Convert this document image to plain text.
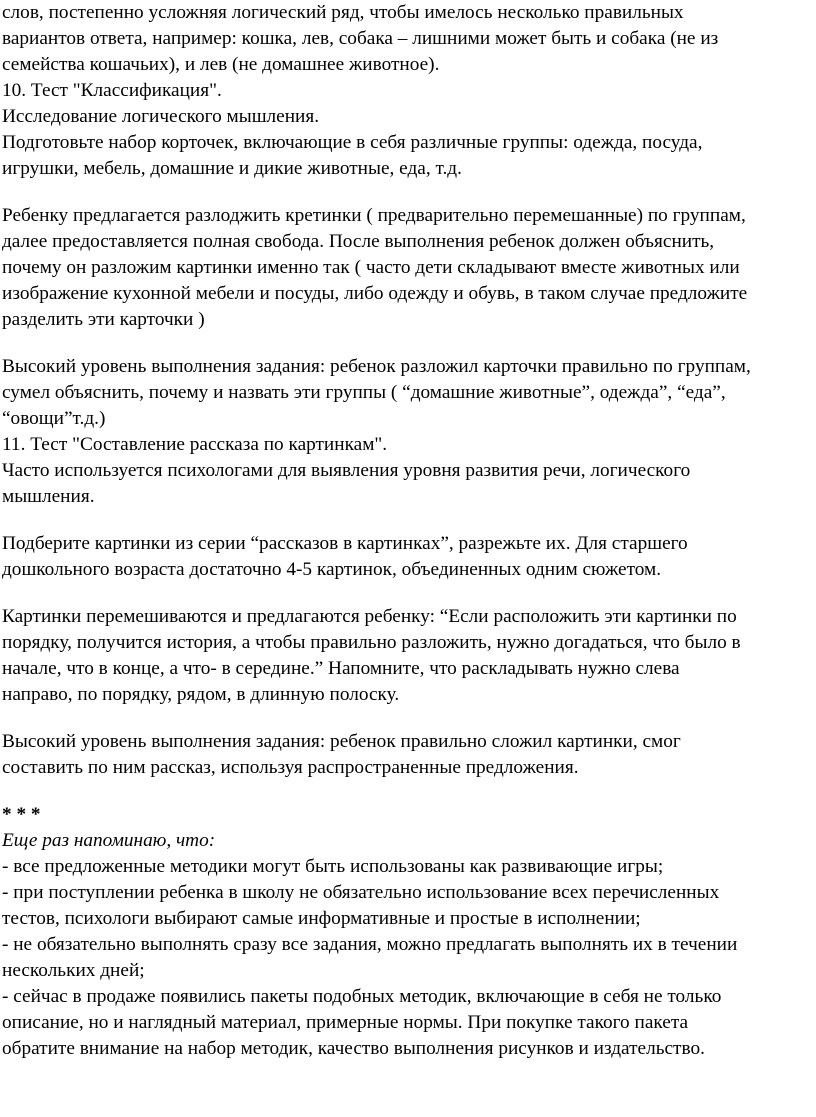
слов, постепенно усложняя логический ряд, чтобы имелось несколько правильных
вариантов ответа, например: кошка, лев, собака – лишними может быть и собака (не из
семейства кошачьих), и лев (не домашнее животное).
10. Тест "Классификация".
Исследование логического мышления.
Подготовьте набор корточек, включающие в себя различные группы: одежда, посуда,
игрушки, мебель, домашние и дикие животные, еда, т.д.
Ребенку предлагается разлоджить кретинки ( предварительно перемешанные) по группам,
далее предоставляется полная свобода. После выполнения ребенок должен объяснить,
почему он разложим картинки именно так ( часто дети складывают вместе животных или
изображение кухонной мебели и посуды, либо одежду и обувь, в таком случае предложите
разделить эти карточки )
Высокий уровень выполнения задания: ребенок разложил карточки правильно по группам,
сумел объяснить, почему и назвать эти группы ( “домашние животные”, одежда”, “еда”,
“овощи”т.д.)
11. Тест "Составление рассказа по картинкам".
Часто используется психологами для выявления уровня развития речи, логического
мышления.
Подберите картинки из серии “рассказов в картинках”, разрежьте их. Для старшего
дошкольного возраста достаточно 4-5 картинок, объединенных одним сюжетом.
Картинки перемешиваются и предлагаются ребенку: “Если расположить эти картинки по
порядку, получится история, а чтобы правильно разложить, нужно догадаться, что было в
начале, что в конце, а что- в середине.” Напомните, что раскладывать нужно слева
направо, по порядку, рядом, в длинную полоску.
Высокий уровень выполнения задания: ребенок правильно сложил картинки, смог
составить по ним рассказ, используя распространенные предложения.
* * *
Еще раз напоминаю, что:
- все предложенные методики могут быть использованы как развивающие игры;
- при поступлении ребенка в школу не обязательно использование всех перечисленных
тестов, психологи выбирают самые информативные и простые в исполнении;
- не обязательно выполнять сразу все задания, можно предлагать выполнять их в течении
нескольких дней;
- сейчас в продаже появились пакеты подобных методик, включающие в себя не только
описание, но и наглядный материал, примерные нормы. При покупке такого пакета
обратите внимание на набор методик, качество выполнения рисунков и издательство.
